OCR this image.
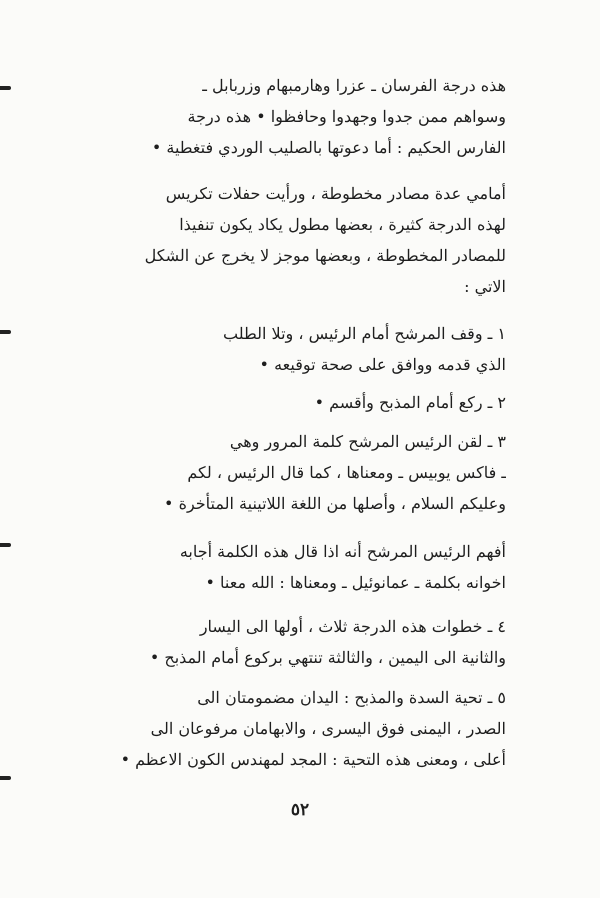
هذه درجة الفرسان ـ عزرا وهارمبهام وزربابل ـ
وسواهم ممن جدوا وجهدوا وحافظوا • هذه درجة
الفارس الحكيم : أما دعوتها بالصليب الوردي فتغطية •
أمامي عدة مصادر مخطوطة ، ورأيت حفلات تكريس
لهذه الدرجة كثيرة ، بعضها مطول يكاد يكون تنفيذا
للمصادر المخطوطة ، وبعضها موجز لا يخرج عن الشكل
الاتي :
١ ـ وقف المرشح أمام الرئيس ، وتلا الطلب
الذي قدمه ووافق على صحة توقيعه •
٢ ـ ركع أمام المذبح وأقسم •
٣ ـ لقن الرئيس المرشح كلمة المرور وهي
ـ فاكس يوبيس ـ ومعناها ، كما قال الرئيس ، لكم
وعليكم السلام ، وأصلها من اللغة اللاتينية المتأخرة •
أفهم الرئيس المرشح أنه اذا قال هذه الكلمة أجابه
اخوانه بكلمة ـ عمانوئيل ـ ومعناها : الله معنا •
٤ ـ خطوات هذه الدرجة ثلاث ، أولها الى اليسار
والثانية الى اليمين ، والثالثة تنتهي بركوع أمام المذبح •
٥ ـ تحية السدة والمذبح : اليدان مضمومتان الى
الصدر ، اليمنى فوق اليسرى ، والابهامان مرفوعان الى
أعلى ، ومعنى هذه التحية : المجد لمهندس الكون الاعظم •
٥٢
